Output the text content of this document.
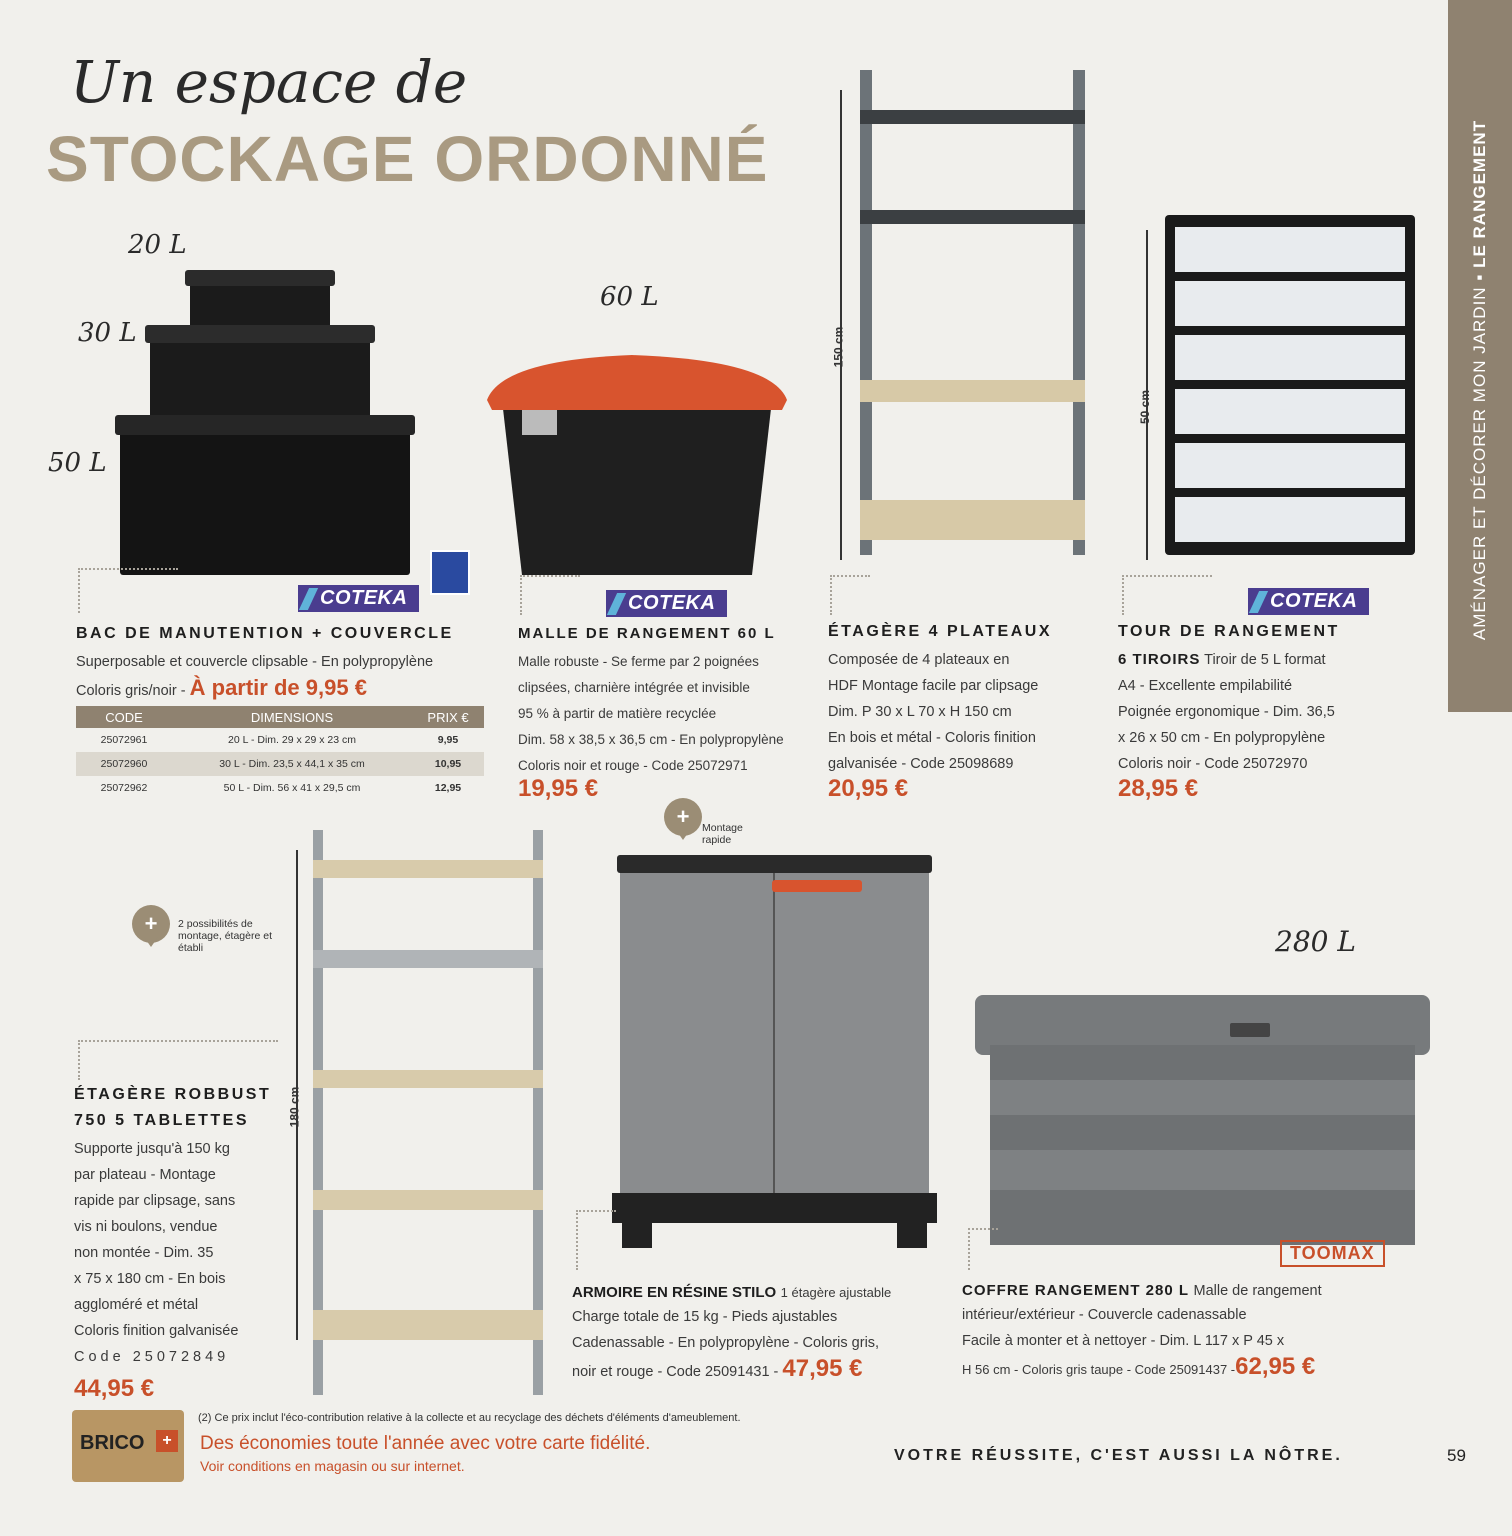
AMÉNAGER ET DÉCORER MON JARDIN ▪ LE RANGEMENT
Un espace de
STOCKAGE ORDONNÉ
20 L
30 L
50 L
60 L
150 cm
50 cm
COTEKA
BAC DE MANUTENTION + COUVERCLE
Superposable et couvercle clipsable - En polypropylène
Coloris gris/noir - À partir de 9,95 €
CODE	DIMENSIONS	PRIX €
25072961	20 L - Dim. 29 x 29 x 23 cm	9,95
25072960	30 L - Dim. 23,5 x 44,1 x 35 cm	10,95
25072962	50 L - Dim. 56 x 41 x 29,5 cm	12,95
COTEKA
MALLE DE RANGEMENT 60 L
Malle robuste - Se ferme par 2 poignées
clipsées, charnière intégrée et invisible
95 % à partir de matière recyclée
Dim. 58 x 38,5 x 36,5 cm - En polypropylène
Coloris noir et rouge - Code 25072971
19,95 €
ÉTAGÈRE 4 PLATEAUX
Composée de 4 plateaux en
HDF Montage facile par clipsage
Dim. P 30 x L 70 x H 150 cm
En bois et métal - Coloris finition
galvanisée - Code 25098689
20,95 €
COTEKA
TOUR DE RANGEMENT
6 TIROIRS Tiroir de 5 L format
A4 - Excellente empilabilité
Poignée ergonomique - Dim. 36,5
x 26 x 50 cm - En polypropylène
Coloris noir - Code 25072970
28,95 €
+	2 possibilités de montage, étagère et établi
180 cm
ÉTAGÈRE ROBBUST
750 5 TABLETTES
Supporte jusqu'à 150 kg
par plateau - Montage
rapide par clipsage, sans
vis ni boulons, vendue
non montée - Dim. 35
x 75 x 180 cm - En bois
aggloméré et métal
Coloris finition galvanisée
Code 25072849
44,95 €
+	Montage rapide
ARMOIRE EN RÉSINE STILO 1 étagère ajustable
Charge totale de 15 kg - Pieds ajustables
Cadenassable - En polypropylène - Coloris gris,
noir et rouge - Code 25091431 - 47,95 €
280 L
TOOMAX
COFFRE RANGEMENT 280 L Malle de rangement
intérieur/extérieur - Couvercle cadenassable
Facile à monter et à nettoyer - Dim. L 117 x P 45 x
H 56 cm - Coloris gris taupe - Code 25091437 -62,95 €
BRICO	+
(2) Ce prix inclut l'éco-contribution relative à la collecte et au recyclage des déchets d'éléments d'ameublement.
Des économies toute l'année avec votre carte fidélité.
Voir conditions en magasin ou sur internet.
VOTRE RÉUSSITE, C'EST AUSSI LA NÔTRE.	59
